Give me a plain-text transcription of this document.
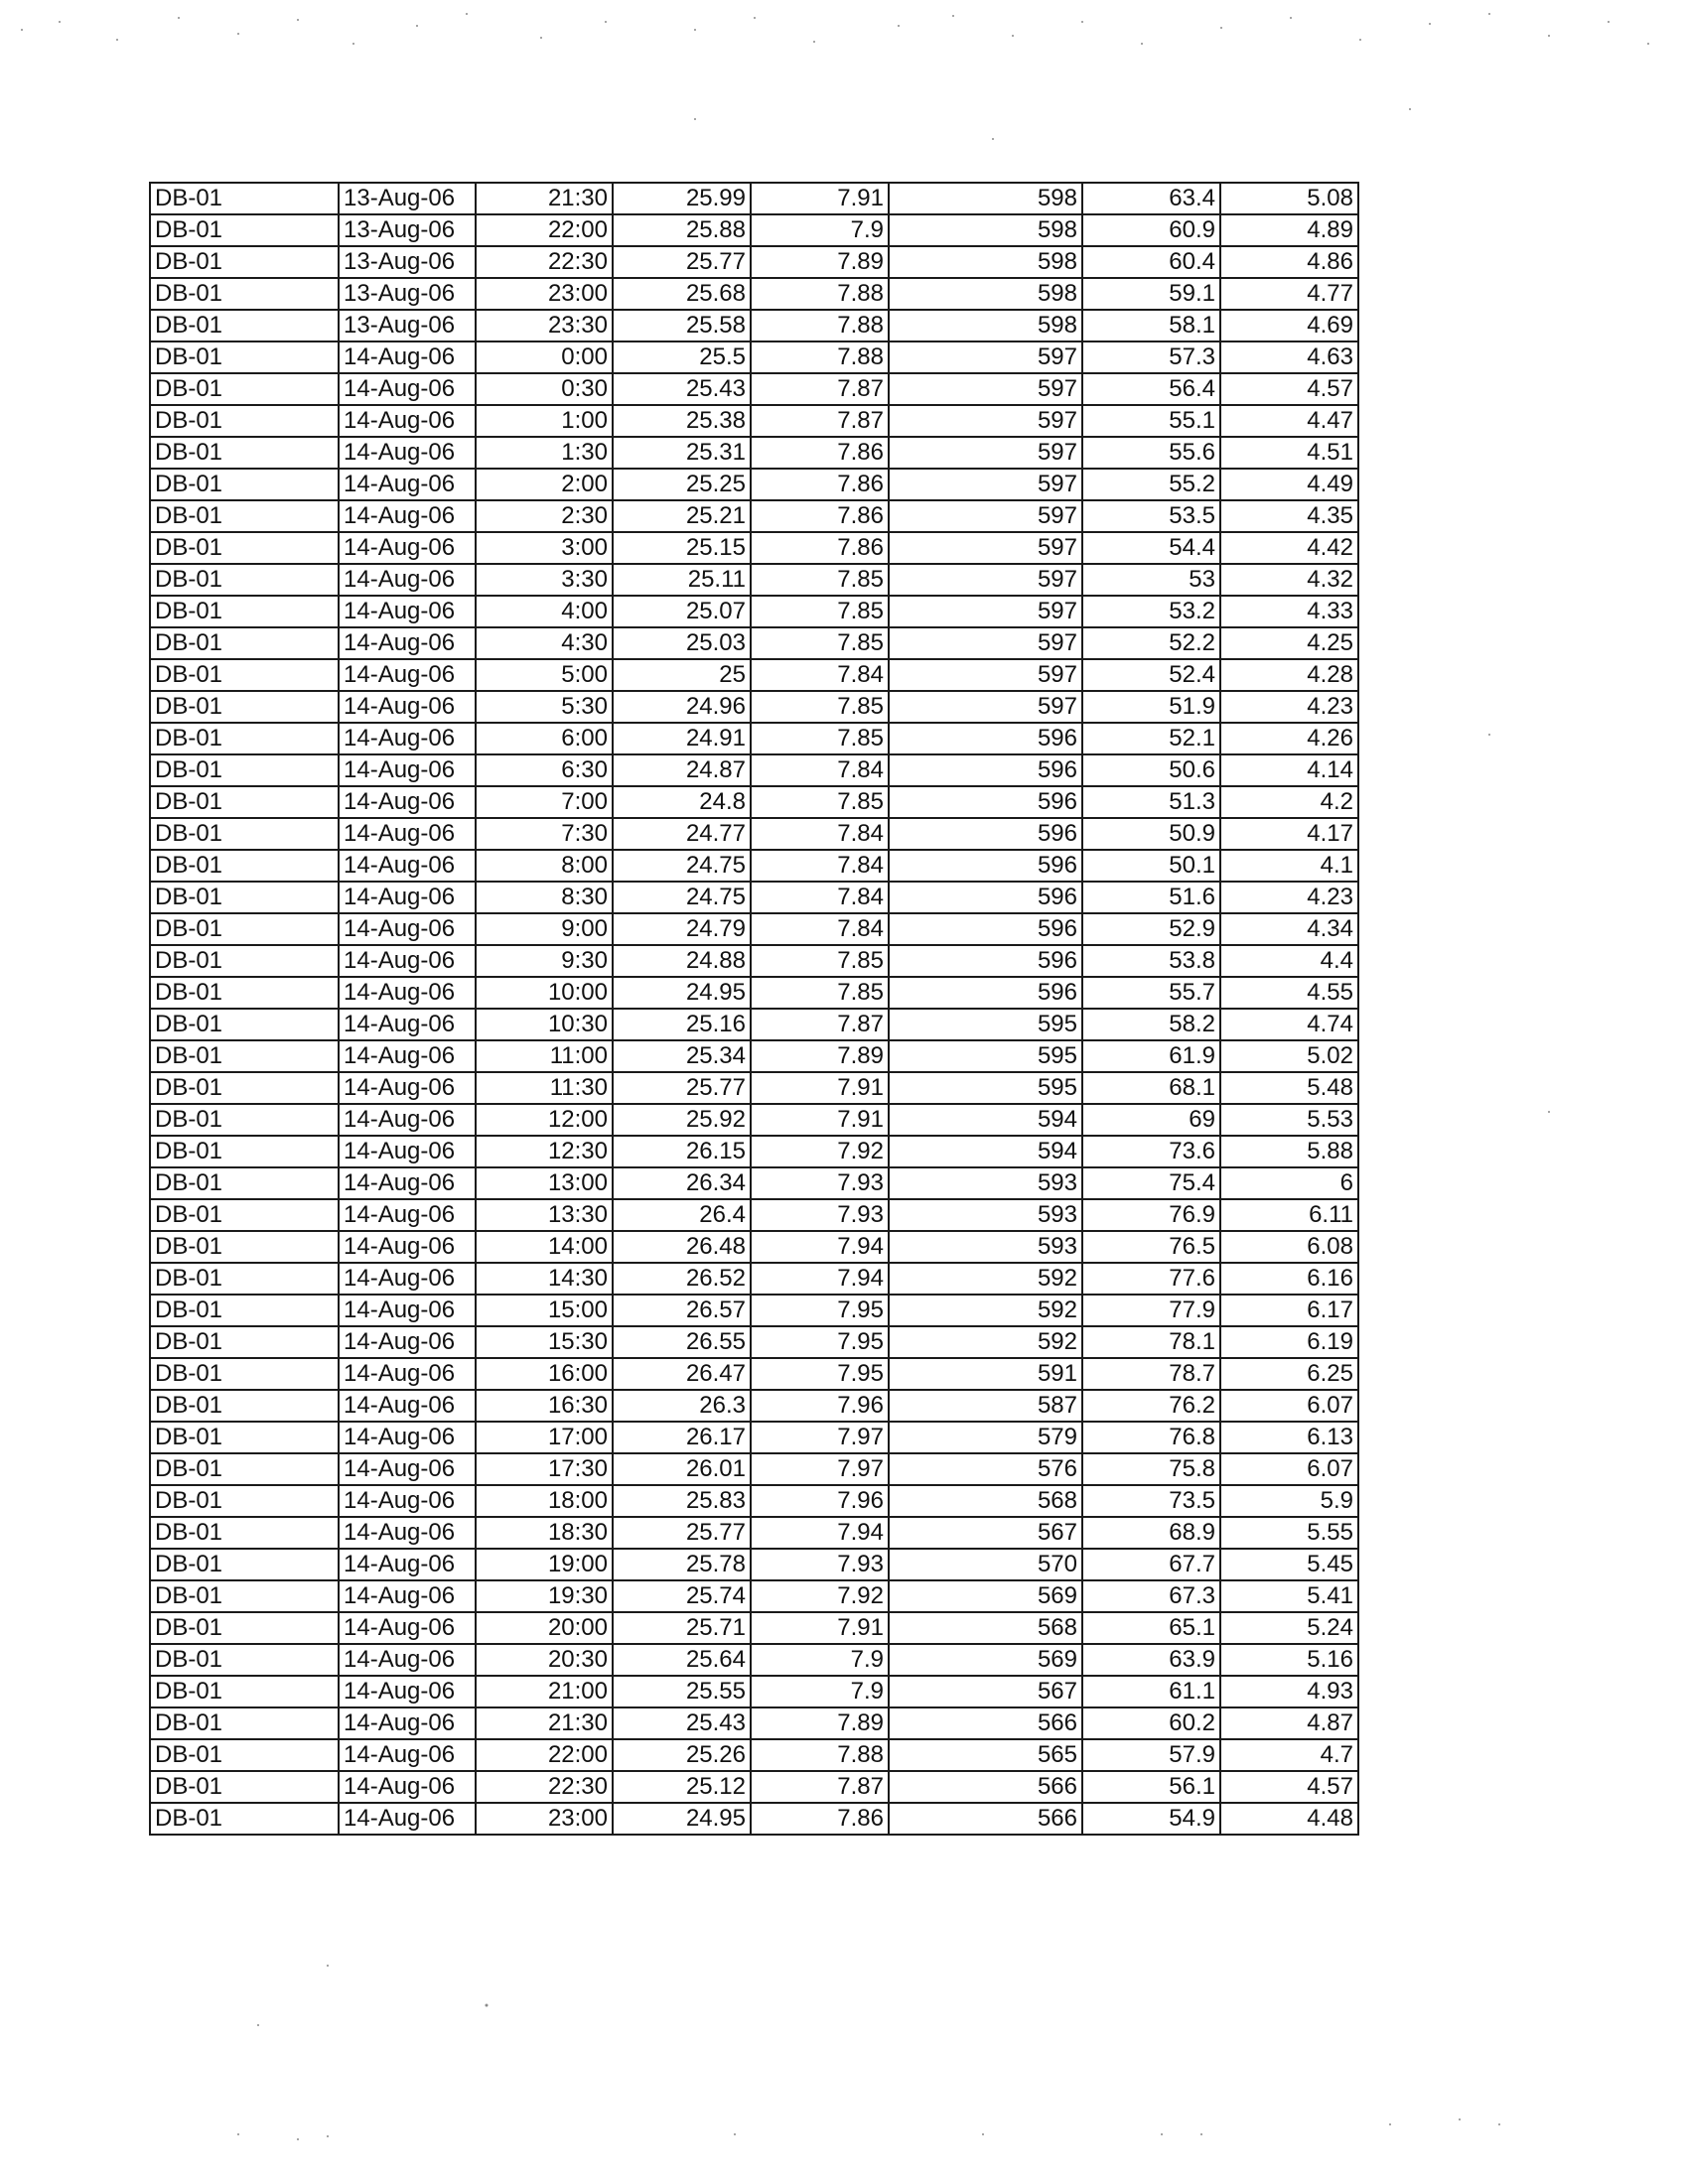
DB-01	13-Aug-06	21:30	25.99	7.91	598	63.4	5.08
DB-01	13-Aug-06	22:00	25.88	7.9	598	60.9	4.89
DB-01	13-Aug-06	22:30	25.77	7.89	598	60.4	4.86
DB-01	13-Aug-06	23:00	25.68	7.88	598	59.1	4.77
DB-01	13-Aug-06	23:30	25.58	7.88	598	58.1	4.69
DB-01	14-Aug-06	0:00	25.5	7.88	597	57.3	4.63
DB-01	14-Aug-06	0:30	25.43	7.87	597	56.4	4.57
DB-01	14-Aug-06	1:00	25.38	7.87	597	55.1	4.47
DB-01	14-Aug-06	1:30	25.31	7.86	597	55.6	4.51
DB-01	14-Aug-06	2:00	25.25	7.86	597	55.2	4.49
DB-01	14-Aug-06	2:30	25.21	7.86	597	53.5	4.35
DB-01	14-Aug-06	3:00	25.15	7.86	597	54.4	4.42
DB-01	14-Aug-06	3:30	25.11	7.85	597	53	4.32
DB-01	14-Aug-06	4:00	25.07	7.85	597	53.2	4.33
DB-01	14-Aug-06	4:30	25.03	7.85	597	52.2	4.25
DB-01	14-Aug-06	5:00	25	7.84	597	52.4	4.28
DB-01	14-Aug-06	5:30	24.96	7.85	597	51.9	4.23
DB-01	14-Aug-06	6:00	24.91	7.85	596	52.1	4.26
DB-01	14-Aug-06	6:30	24.87	7.84	596	50.6	4.14
DB-01	14-Aug-06	7:00	24.8	7.85	596	51.3	4.2
DB-01	14-Aug-06	7:30	24.77	7.84	596	50.9	4.17
DB-01	14-Aug-06	8:00	24.75	7.84	596	50.1	4.1
DB-01	14-Aug-06	8:30	24.75	7.84	596	51.6	4.23
DB-01	14-Aug-06	9:00	24.79	7.84	596	52.9	4.34
DB-01	14-Aug-06	9:30	24.88	7.85	596	53.8	4.4
DB-01	14-Aug-06	10:00	24.95	7.85	596	55.7	4.55
DB-01	14-Aug-06	10:30	25.16	7.87	595	58.2	4.74
DB-01	14-Aug-06	11:00	25.34	7.89	595	61.9	5.02
DB-01	14-Aug-06	11:30	25.77	7.91	595	68.1	5.48
DB-01	14-Aug-06	12:00	25.92	7.91	594	69	5.53
DB-01	14-Aug-06	12:30	26.15	7.92	594	73.6	5.88
DB-01	14-Aug-06	13:00	26.34	7.93	593	75.4	6
DB-01	14-Aug-06	13:30	26.4	7.93	593	76.9	6.11
DB-01	14-Aug-06	14:00	26.48	7.94	593	76.5	6.08
DB-01	14-Aug-06	14:30	26.52	7.94	592	77.6	6.16
DB-01	14-Aug-06	15:00	26.57	7.95	592	77.9	6.17
DB-01	14-Aug-06	15:30	26.55	7.95	592	78.1	6.19
DB-01	14-Aug-06	16:00	26.47	7.95	591	78.7	6.25
DB-01	14-Aug-06	16:30	26.3	7.96	587	76.2	6.07
DB-01	14-Aug-06	17:00	26.17	7.97	579	76.8	6.13
DB-01	14-Aug-06	17:30	26.01	7.97	576	75.8	6.07
DB-01	14-Aug-06	18:00	25.83	7.96	568	73.5	5.9
DB-01	14-Aug-06	18:30	25.77	7.94	567	68.9	5.55
DB-01	14-Aug-06	19:00	25.78	7.93	570	67.7	5.45
DB-01	14-Aug-06	19:30	25.74	7.92	569	67.3	5.41
DB-01	14-Aug-06	20:00	25.71	7.91	568	65.1	5.24
DB-01	14-Aug-06	20:30	25.64	7.9	569	63.9	5.16
DB-01	14-Aug-06	21:00	25.55	7.9	567	61.1	4.93
DB-01	14-Aug-06	21:30	25.43	7.89	566	60.2	4.87
DB-01	14-Aug-06	22:00	25.26	7.88	565	57.9	4.7
DB-01	14-Aug-06	22:30	25.12	7.87	566	56.1	4.57
DB-01	14-Aug-06	23:00	24.95	7.86	566	54.9	4.48
